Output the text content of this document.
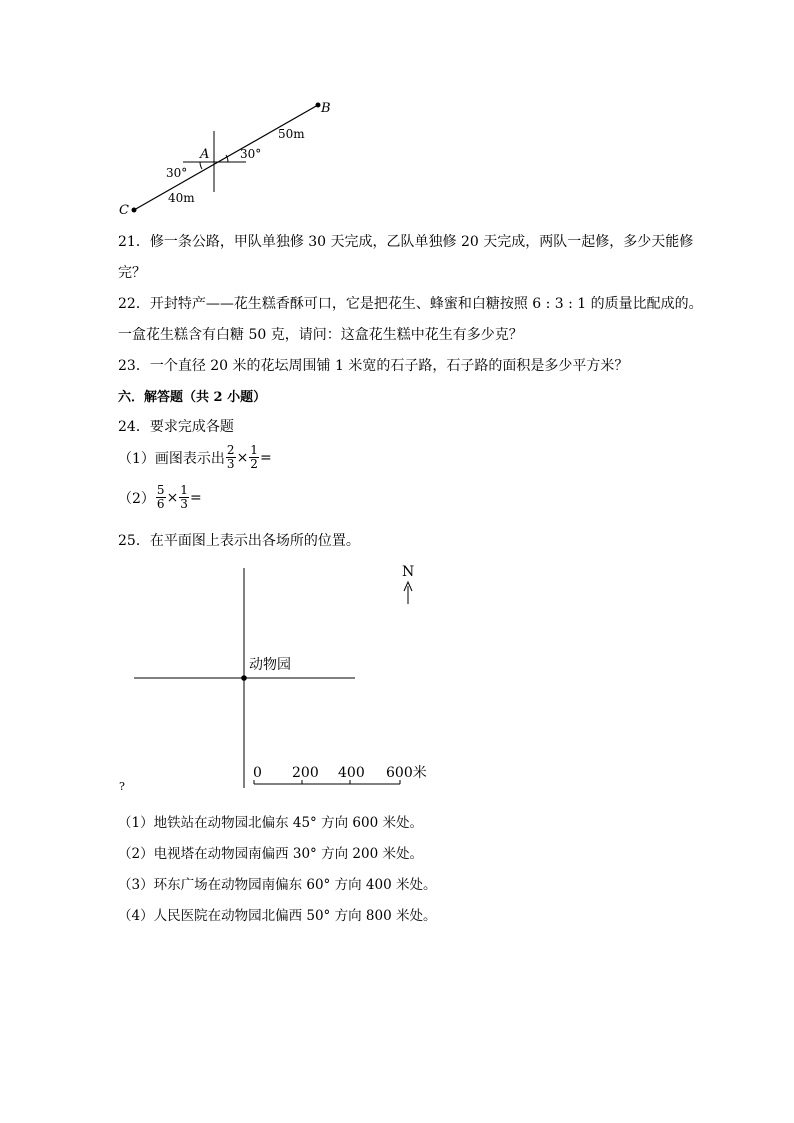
B
A
C
50m
40m
30°
30°
21．修一条公路，甲队单独修 30 天完成，乙队单独修 20 天完成，两队一起修，多少天能修
完？
22．开封特产——花生糕香酥可口，它是把花生、蜂蜜和白糖按照 6 : 3 : 1 的质量比配成的。
一盒花生糕含有白糖 50 克，请问：这盒花生糕中花生有多少克？
23．一个直径 20 米的花坛周围铺 1 米宽的石子路，石子路的面积是多少平方米？
六．解答题（共 2 小题）
24．要求完成各题
（1）画图表示出 $\frac{2}{3} \times \frac{1}{2}$ =
$(2) \frac{5}{6} \times \frac{1}{3}$ =
25．在平面图上表示出各场所的位置。
动物园
N
0 200 400 600米
?
（1）地铁站在动物园北偏东 45° 方向 600 米处。
（2）电视塔在动物园南偏西 30° 方向 200 米处。
（3）环东广场在动物园南偏东 60° 方向 400 米处。
（4）人民医院在动物园北偏西 50° 方向 800 米处。
